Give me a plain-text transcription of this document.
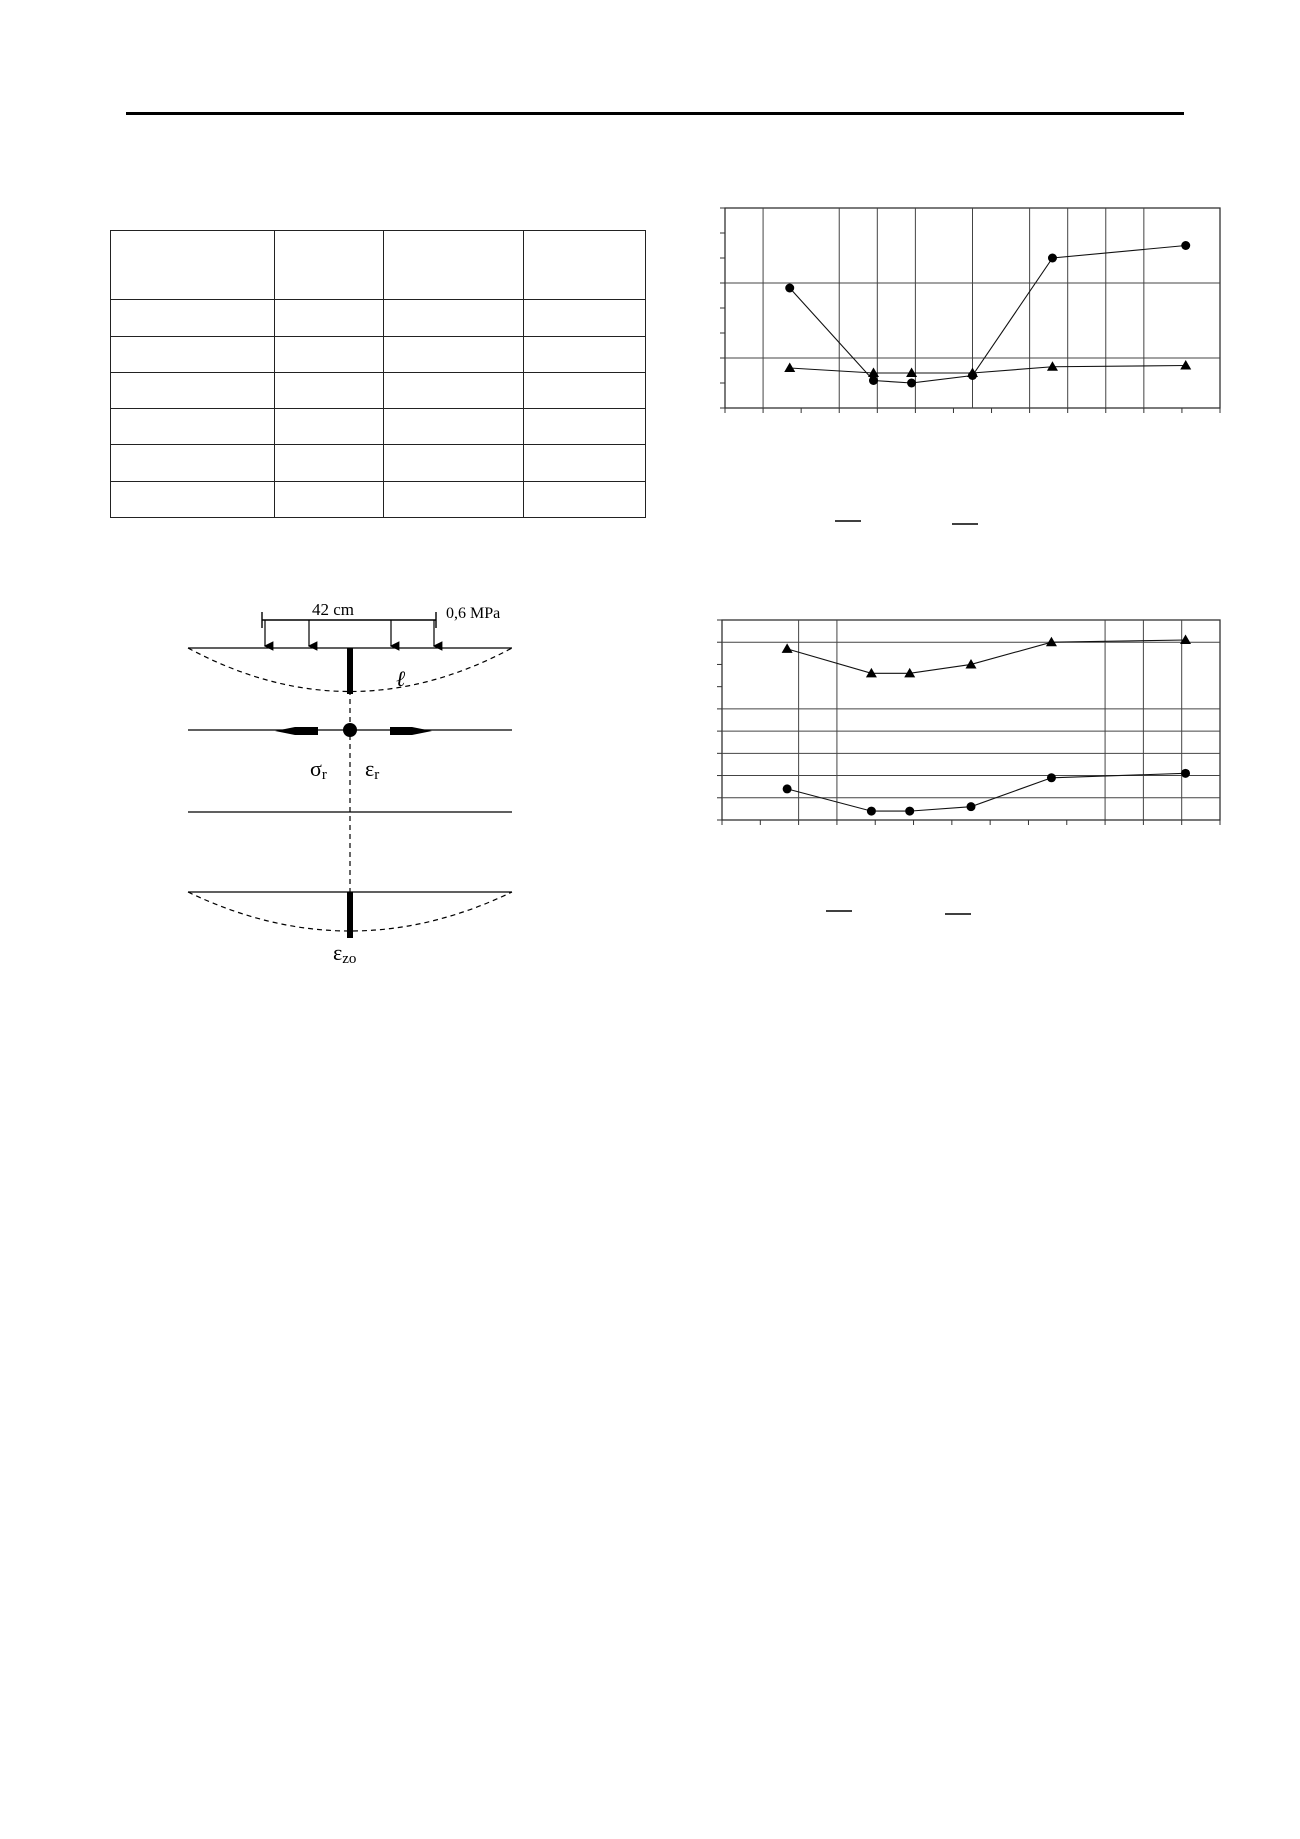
42 cm	0,6 MPa
ℓ
σr εr
εzo
